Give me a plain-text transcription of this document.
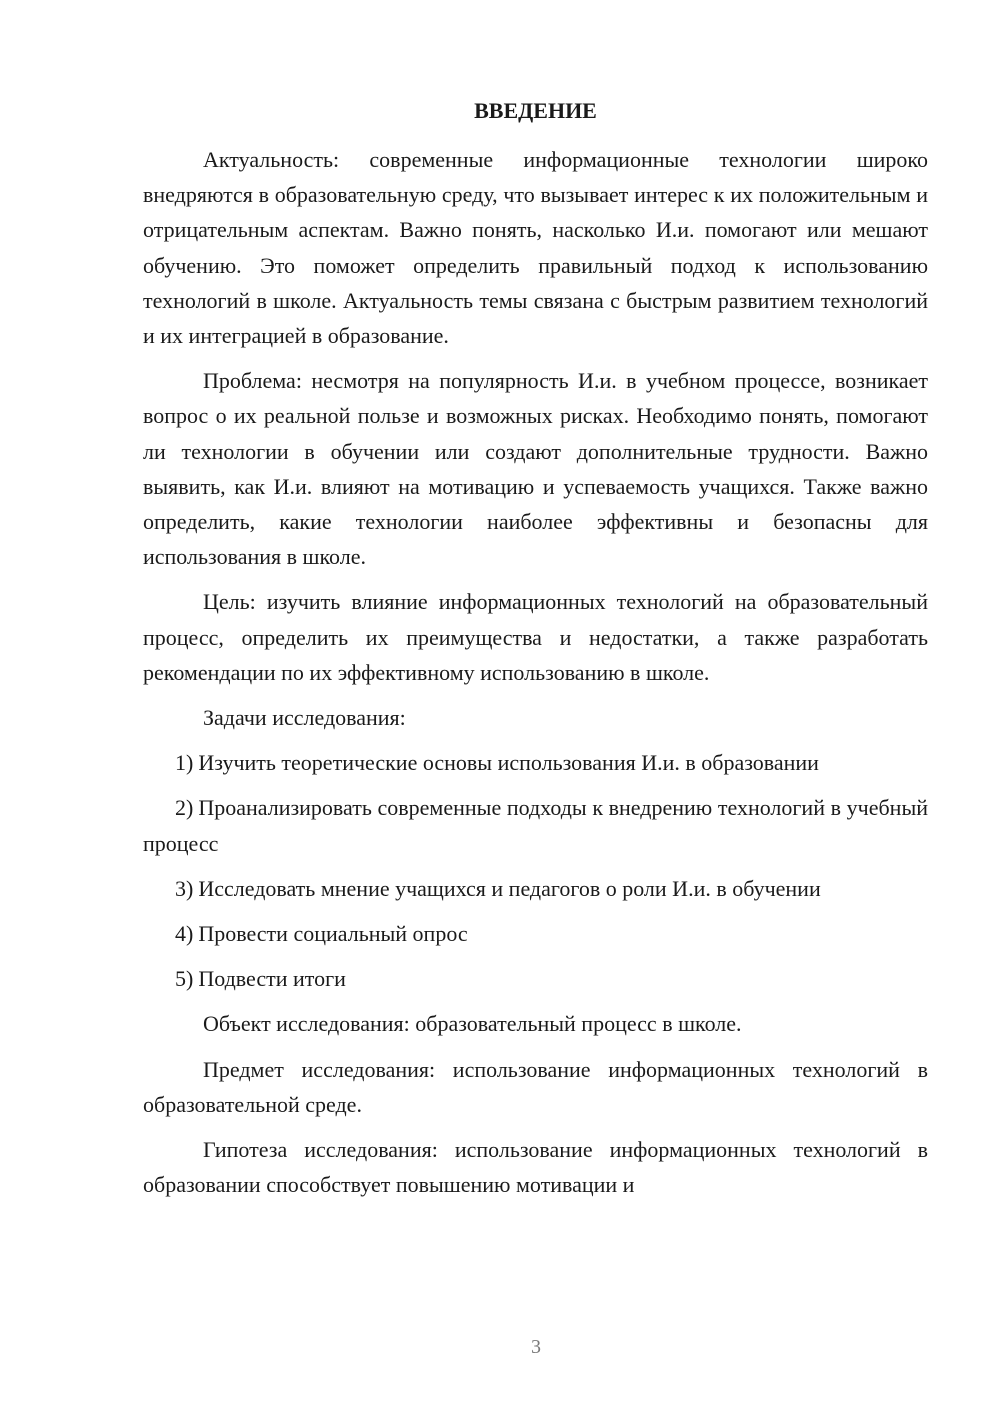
ВВЕДЕНИЕ

Актуальность: современные информационные технологии широко внедряются в образовательную среду, что вызывает интерес к их положительным и отрицательным аспектам. Важно понять, насколько И.и. помогают или мешают обучению. Это поможет определить правильный подход к использованию технологий в школе. Актуальность темы связана с быстрым развитием технологий и их интеграцией в образование.

Проблема: несмотря на популярность И.и. в учебном процессе, возникает вопрос о их реальной пользе и возможных рисках. Необходимо понять, помогают ли технологии в обучении или создают дополнительные трудности. Важно выявить, как И.и. влияют на мотивацию и успеваемость учащихся. Также важно определить, какие технологии наиболее эффективны и безопасны для использования в школе.

Цель: изучить влияние информационных технологий на образовательный процесс, определить их преимущества и недостатки, а также разработать рекомендации по их эффективному использованию в школе.

Задачи исследования:

1) Изучить теоретические основы использования И.и. в образовании
2) Проанализировать современные подходы к внедрению технологий в учебный процесс
3) Исследовать мнение учащихся и педагогов о роли И.и. в обучении
4) Провести социальный опрос
5) Подвести итоги

Объект исследования: образовательный процесс в школе.

Предмет исследования: использование информационных технологий в образовательной среде.

Гипотеза исследования: использование информационных технологий в образовании способствует повышению мотивации и

3
